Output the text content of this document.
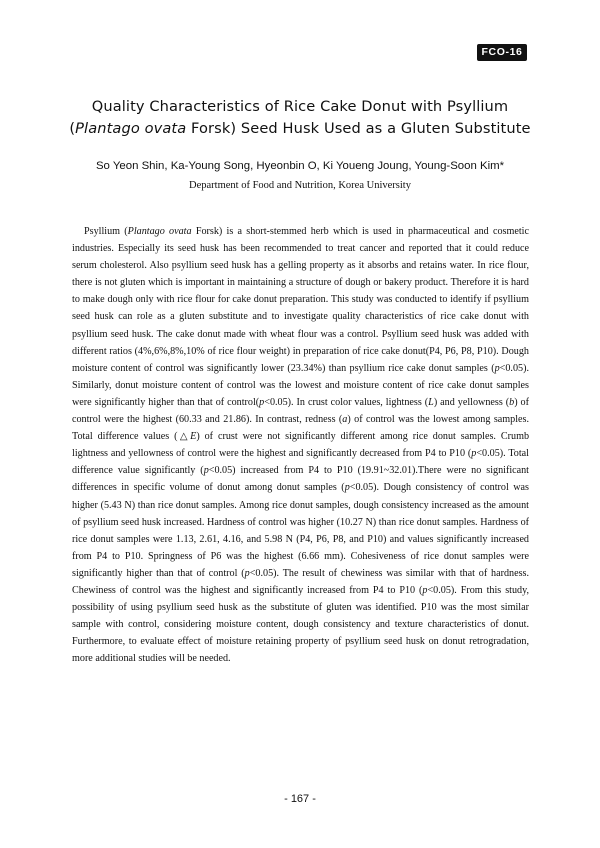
FCO-16
Quality Characteristics of Rice Cake Donut with Psyllium
(Plantago ovata Forsk) Seed Husk Used as a Gluten Substitute
So Yeon Shin, Ka-Young Song, Hyeonbin O, Ki Youeng Joung, Young-Soon Kim*
Department of Food and Nutrition, Korea University

Psyllium (Plantago ovata Forsk) is a short-stemmed herb which is used in pharmaceutical and cosmetic industries. Especially its seed husk has been recommended to treat cancer and reported that it could reduce serum cholesterol. Also psyllium seed husk has a gelling property as it absorbs and retains water. In rice flour, there is not gluten which is important in maintaining a structure of dough or bakery product. Therefore it is hard to make dough only with rice flour for cake donut preparation. This study was conducted to identify if psyllium seed husk can role as a gluten substitute and to investigate quality characteristics of rice cake donut with psyllium seed husk. The cake donut made with wheat flour was a control. Psyllium seed husk was added with different ratios (4%,6%,8%,10% of rice flour weight) in preparation of rice cake donut(P4, P6, P8, P10). Dough moisture content of control was significantly lower (23.34%) than psyllium rice cake donut samples (p<0.05). Similarly, donut moisture content of control was the lowest and moisture content of rice cake donut samples were significantly higher than that of control(p<0.05). In crust color values, lightness (L) and yellowness (b) of control were the highest (60.33 and 21.86). In contrast, redness (a) of control was the lowest among samples. Total difference values (△E) of crust were not significantly different among rice donut samples. Crumb lightness and yellowness of control were the highest and significantly decreased from P4 to P10 (p<0.05). Total difference value significantly (p<0.05) increased from P4 to P10 (19.91~32.01).There were no significant differences in specific volume of donut among donut samples (p<0.05). Dough consistency of control was higher (5.43 N) than rice donut samples. Among rice donut samples, dough consistency increased as the amount of psyllium seed husk increased. Hardness of control was higher (10.27 N) than rice donut samples. Hardness of rice donut samples were 1.13, 2.61, 4.16, and 5.98 N (P4, P6, P8, and P10) and values significantly increased from P4 to P10. Springness of P6 was the highest (6.66 mm). Cohesiveness of rice donut samples were significantly higher than that of control (p<0.05). The result of chewiness was similar with that of hardness. Chewiness of control was the highest and significantly increased from P4 to P10 (p<0.05). From this study, possibility of using psyllium seed husk as the substitute of gluten was identified. P10 was the most similar sample with control, considering moisture content, dough consistency and texture characteristics of donut. Furthermore, to evaluate effect of moisture retaining property of psyllium seed husk on donut retrogradation, more additional studies will be needed.

- 167 -
